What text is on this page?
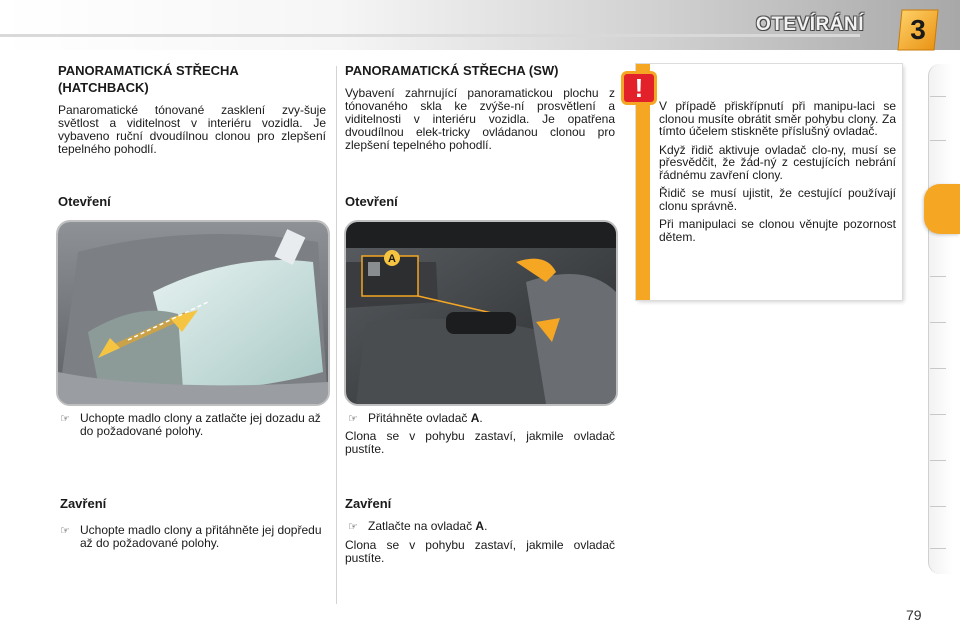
OTEVÍRÁNÍ	3
PANORAMATICKÁ STŘECHA
(HATCHBACK)

Panaromatické tónované zasklení zvy-šuje světlost a viditelnost v interiéru vozidla. Je vybaveno ruční dvoudílnou clonou pro zlepšení tepelného pohodlí.

Otevření
☞ Uchopte madlo clony a zatlačte jej dozadu až do požadované polohy.
Zavření
☞ Uchopte madlo clony a přitáhněte jej dopředu až do požadované polohy.
PANORAMATICKÁ STŘECHA (SW)

Vybavení zahrnující panoramatickou plochu z tónovaného skla ke zvýše-ní prosvětlení a viditelnosti v interiéru vozidla. Je opatřena dvoudílnou elek-tricky ovládanou clonou pro zlepšení tepelného pohodlí.

Otevření
A
☞ Přitáhněte ovladač A.

Clona se v pohybu zastaví, jakmile ovladač pustíte.

Zavření
☞ Zatlačte na ovladač A.

Clona se v pohybu zastaví, jakmile ovladač pustíte.

!

V případě přiskřípnutí při manipu-laci se clonou musíte obrátit směr pohybu clony. Za tímto účelem stiskněte příslušný ovladač.

Když řidič aktivuje ovladač clo-ny, musí se přesvědčit, že žád-ný z cestujících nebrání řádnému zavření clony.

Řidič se musí ujistit, že cestující používají clonu správně.

Při manipulaci se clonou věnujte pozornost dětem.

79
